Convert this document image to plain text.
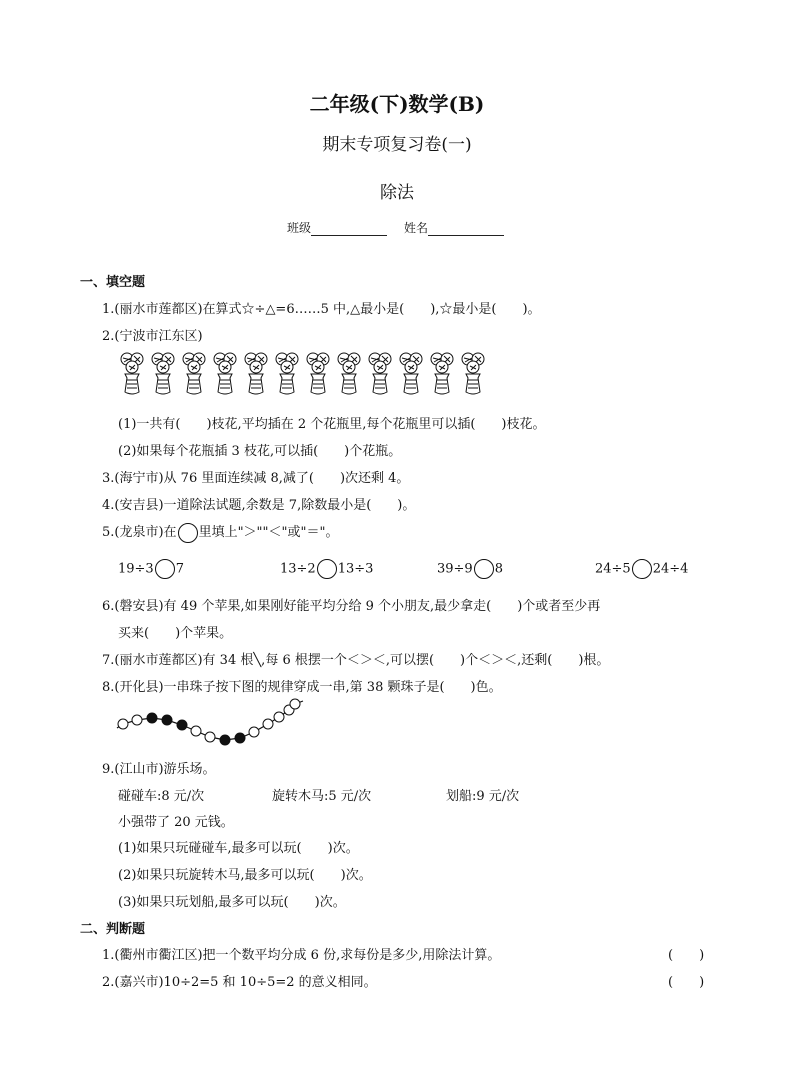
二年级(下)数学(B)
期末专项复习卷(一)
除法
班级	姓名
一、填空题
1.(丽水市莲都区)在算式☆÷△=6……5 中,△最小是(　　),☆最小是(　　)。
2.(宁波市江东区)
(1)一共有(　　)枝花,平均插在 2 个花瓶里,每个花瓶里可以插(　　)枝花。
(2)如果每个花瓶插 3 枝花,可以插(　　)个花瓶。
3.(海宁市)从 76 里面连续减 8,减了(　　)次还剩 4。
4.(安吉县)一道除法试题,余数是 7,除数最小是(　　)。
5.(龙泉市)在 里填上"＞""＜"或"＝"。
19÷3 7	13÷2 13÷3	39÷9 8	24÷5 24÷4
6.(磐安县)有 49 个苹果,如果刚好能平均分给 9 个小朋友,最少拿走(　　)个或者至少再
买来(　　)个苹果。
7.(丽水市莲都区)有 34 根╲,每 6 根摆一个＜＞＜,可以摆(　　)个＜＞＜,还剩(　　)根。
8.(开化县)一串珠子按下图的规律穿成一串,第 38 颗珠子是(　　)色。
9.(江山市)游乐场。
碰碰车:8 元/次	旋转木马:5 元/次	划船:9 元/次
小强带了 20 元钱。
(1)如果只玩碰碰车,最多可以玩(　　)次。
(2)如果只玩旋转木马,最多可以玩(　　)次。
(3)如果只玩划船,最多可以玩(　　)次。
二、判断题
1.(衢州市衢江区)把一个数平均分成 6 份,求每份是多少,用除法计算。	(　　)
2.(嘉兴市)10÷2=5 和 10÷5=2 的意义相同。	(　　)
